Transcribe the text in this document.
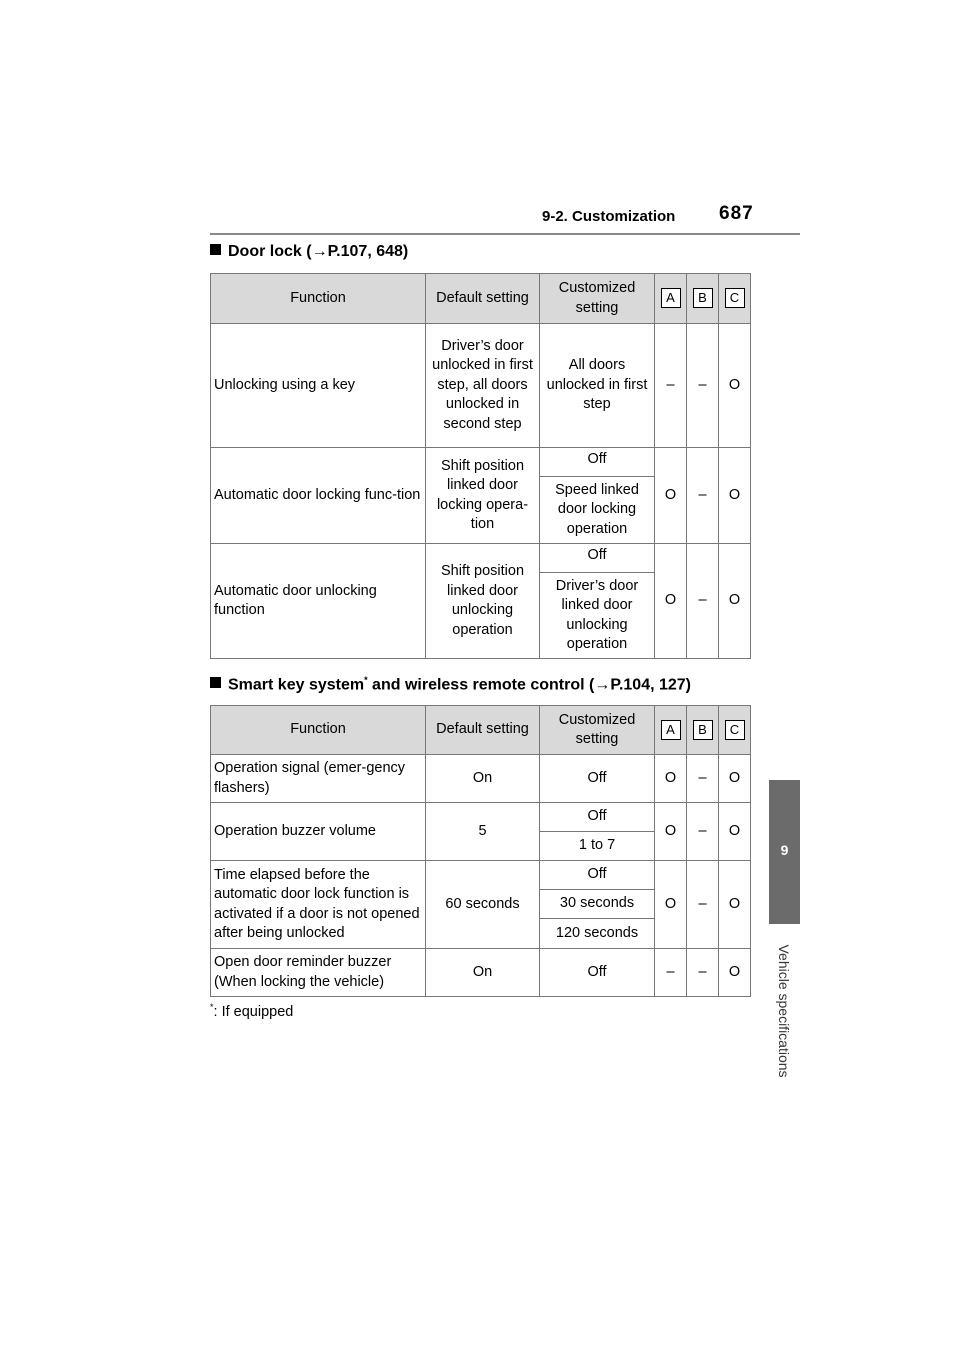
9-2. Customization 687
9
Vehicle specifications
Door lock (→P.107, 648)
Function	Default setting	Customized setting	A	B	C
Unlocking using a key	Driver’s door unlocked in first step, all doors unlocked in second step	All doors unlocked in first step	–	–	O
Automatic door locking func-tion	Shift position linked door locking opera-tion	Off	O	–	O
		Speed linked door locking operation			
Automatic door unlocking function	Shift position linked door unlocking operation	Off	O	–	O
		Driver’s door linked door unlocking operation			
Smart key system* and wireless remote control (→P.104, 127)
Function	Default setting	Customized setting	A	B	C
Operation signal (emer-gency flashers)	On	Off	O	–	O
Operation buzzer volume	5	Off	O	–	O
		1 to 7			
Time elapsed before the automatic door lock function is activated if a door is not opened after being unlocked	60 seconds	Off	O	–	O
		30 seconds			
		120 seconds			
Open door reminder buzzer (When locking the vehicle)	On	Off	–	–	O
*: If equipped
